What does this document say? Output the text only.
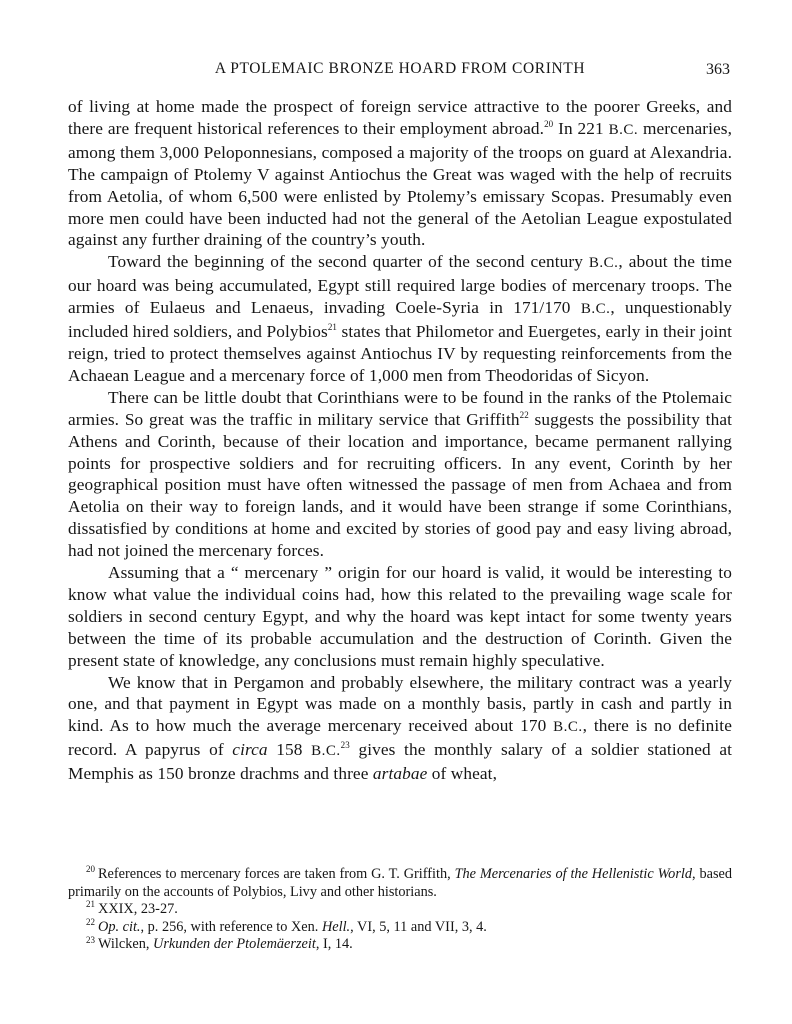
A PTOLEMAIC BRONZE HOARD FROM CORINTH	363

of living at home made the prospect of foreign service attractive to the poorer Greeks, and there are frequent historical references to their employment abroad.$^{20}$ In 221 B.C. mercenaries, among them 3,000 Peloponnesians, composed a majority of the troops on guard at Alexandria. The campaign of Ptolemy V against Antiochus the Great was waged with the help of recruits from Aetolia, of whom 6,500 were enlisted by Ptolemy’s emissary Scopas. Presumably even more men could have been inducted had not the general of the Aetolian League expostulated against any further draining of the country’s youth.

Toward the beginning of the second quarter of the second century B.C., about the time our hoard was being accumulated, Egypt still required large bodies of mercenary troops. The armies of Eulaeus and Lenaeus, invading Coele-Syria in 171/170 B.C., unquestionably included hired soldiers, and Polybios$^{21}$ states that Philometor and Euergetes, early in their joint reign, tried to protect themselves against Antiochus IV by requesting reinforcements from the Achaean League and a mercenary force of 1,000 men from Theodoridas of Sicyon.

There can be little doubt that Corinthians were to be found in the ranks of the Ptolemaic armies. So great was the traffic in military service that Griffith$^{22}$ suggests the possibility that Athens and Corinth, because of their location and importance, became permanent rallying points for prospective soldiers and for recruiting officers. In any event, Corinth by her geographical position must have often witnessed the passage of men from Achaea and from Aetolia on their way to foreign lands, and it would have been strange if some Corinthians, dissatisfied by conditions at home and excited by stories of good pay and easy living abroad, had not joined the mercenary forces.

Assuming that a “ mercenary ” origin for our hoard is valid, it would be interesting to know what value the individual coins had, how this related to the prevailing wage scale for soldiers in second century Egypt, and why the hoard was kept intact for some twenty years between the time of its probable accumulation and the destruction of Corinth. Given the present state of knowledge, any conclusions must remain highly speculative.

We know that in Pergamon and probably elsewhere, the military contract was a yearly one, and that payment in Egypt was made on a monthly basis, partly in cash and partly in kind. As to how much the average mercenary received about 170 B.C., there is no definite record. A papyrus of circa 158 B.C.$^{23}$ gives the monthly salary of a soldier stationed at Memphis as 150 bronze drachms and three artabae of wheat,

$^{20}$ References to mercenary forces are taken from G. T. Griffith, The Mercenaries of the Hellenistic World, based primarily on the accounts of Polybios, Livy and other historians.

$^{21}$ XXIX, 23-27.

$^{22}$ Op. cit., p. 256, with reference to Xen. Hell., VI, 5, 11 and VII, 3, 4.

$^{23}$ Wilcken, Urkunden der Ptolemäerzeit, I, 14.
